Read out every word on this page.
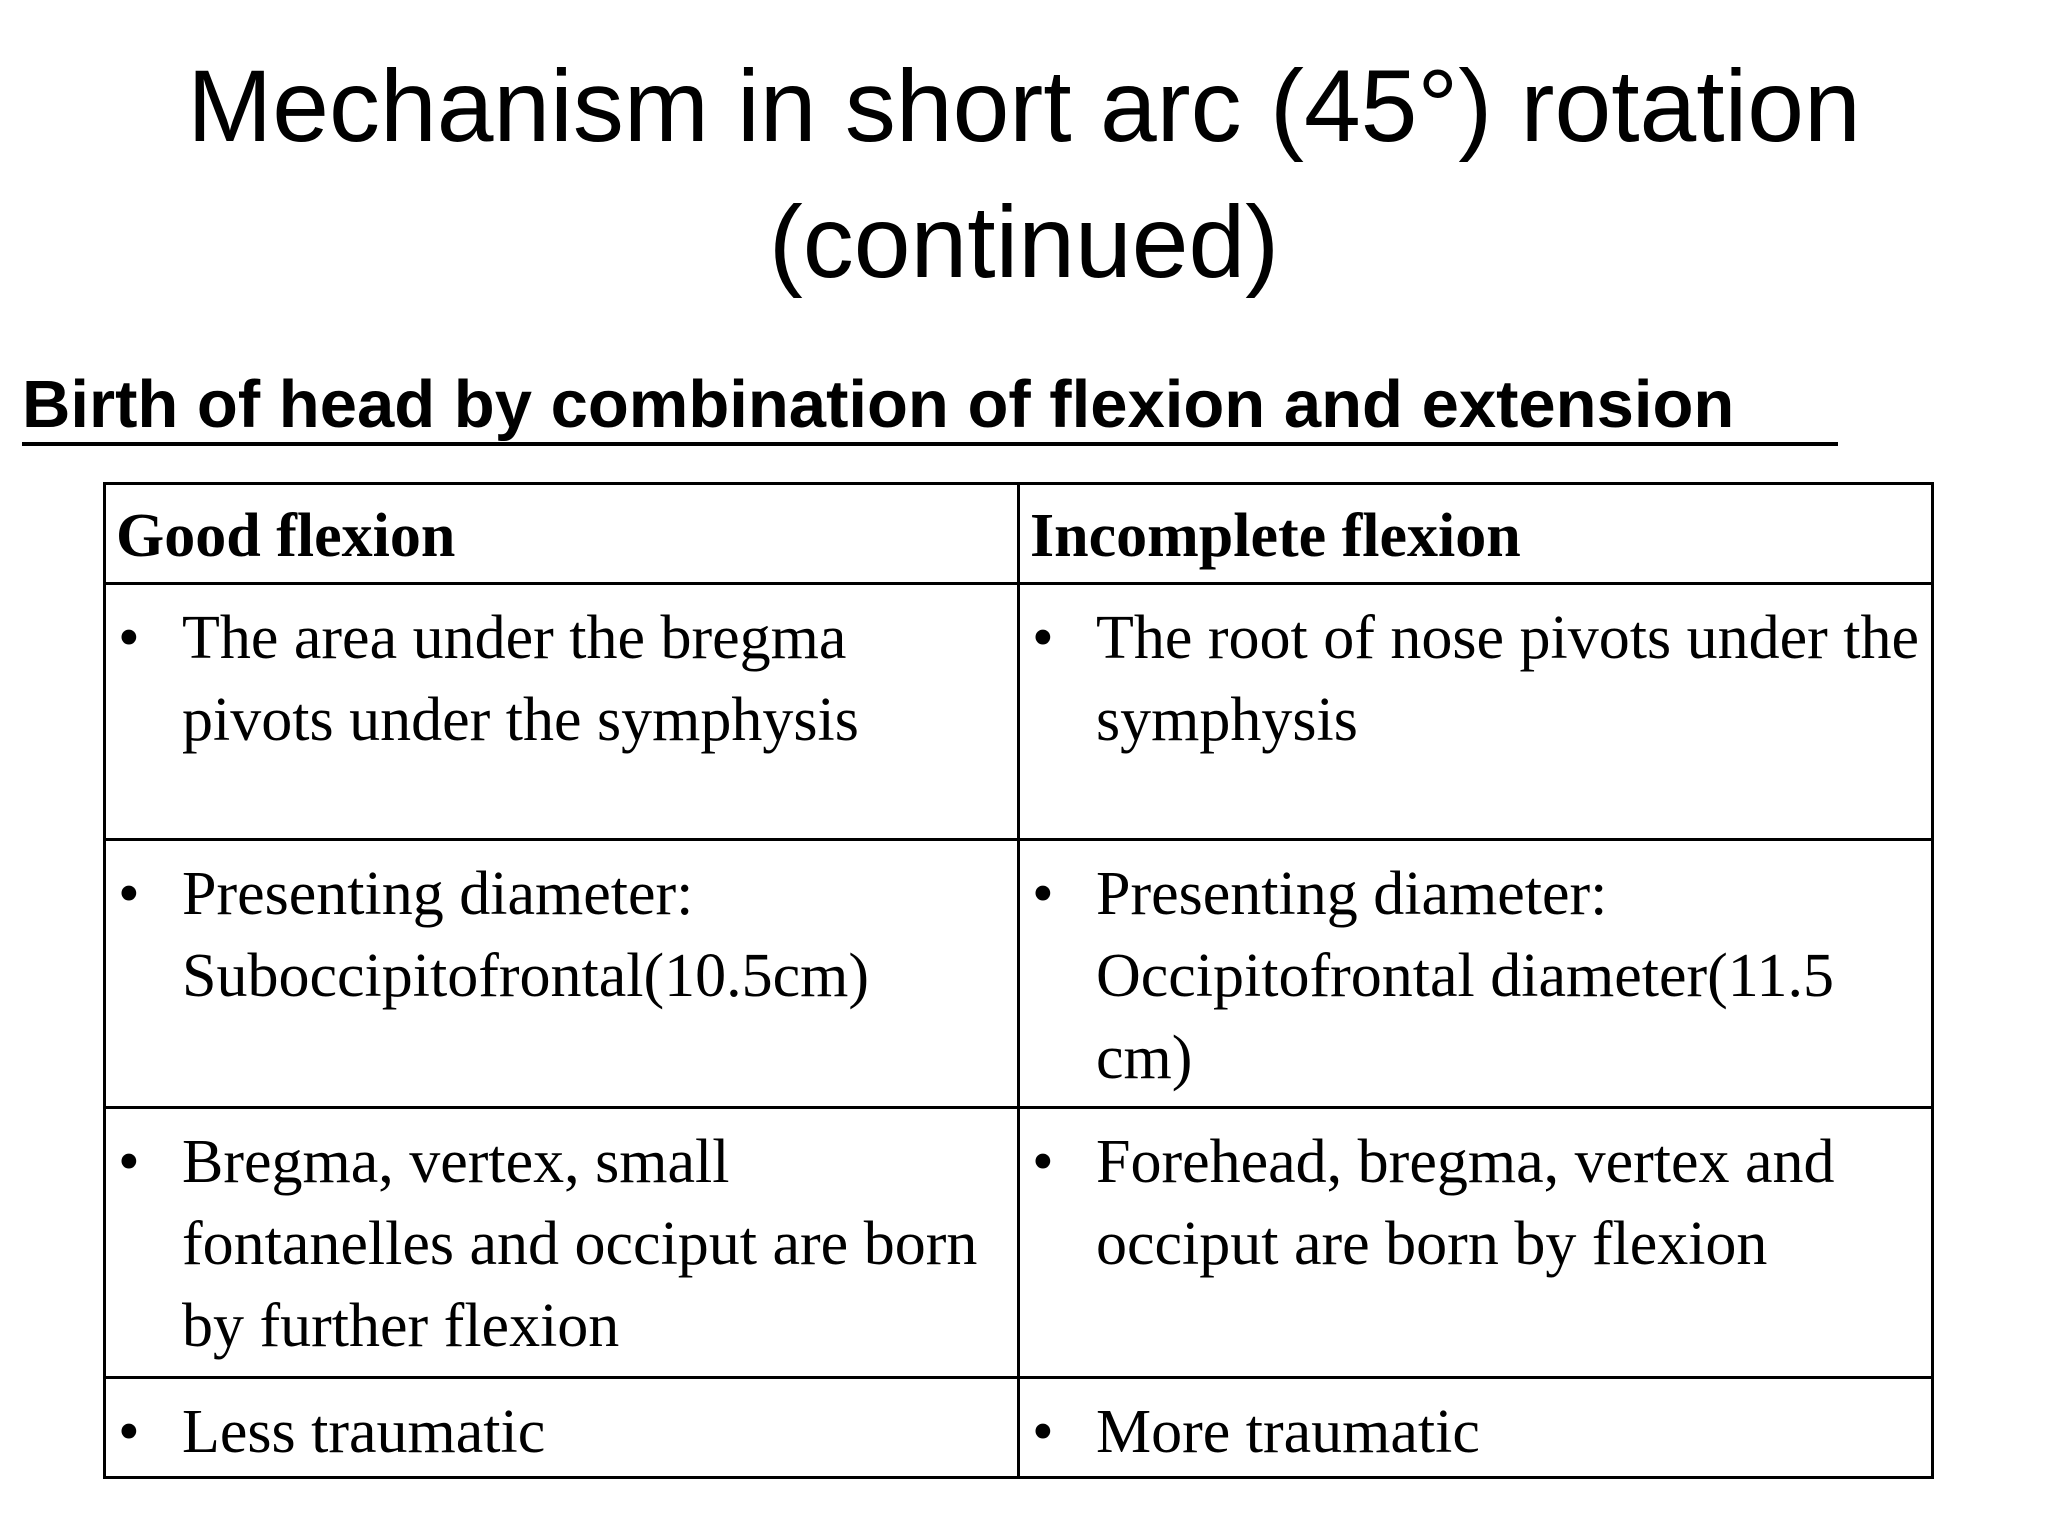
Mechanism in short arc (45°) rotation
(continued)
Birth of head by combination of flexion and extension
Good flexion	Incomplete flexion

• The area under the bregma pivots under the symphysis	• The root of nose pivots under the symphysis

• Presenting diameter: Suboccipitofrontal(10.5cm)	• Presenting diameter: Occipitofrontal diameter(11.5 cm)

• Bregma, vertex, small fontanelles and occiput are born by further flexion	• Forehead, bregma, vertex and occiput are born by flexion

• Less traumatic	• More traumatic
